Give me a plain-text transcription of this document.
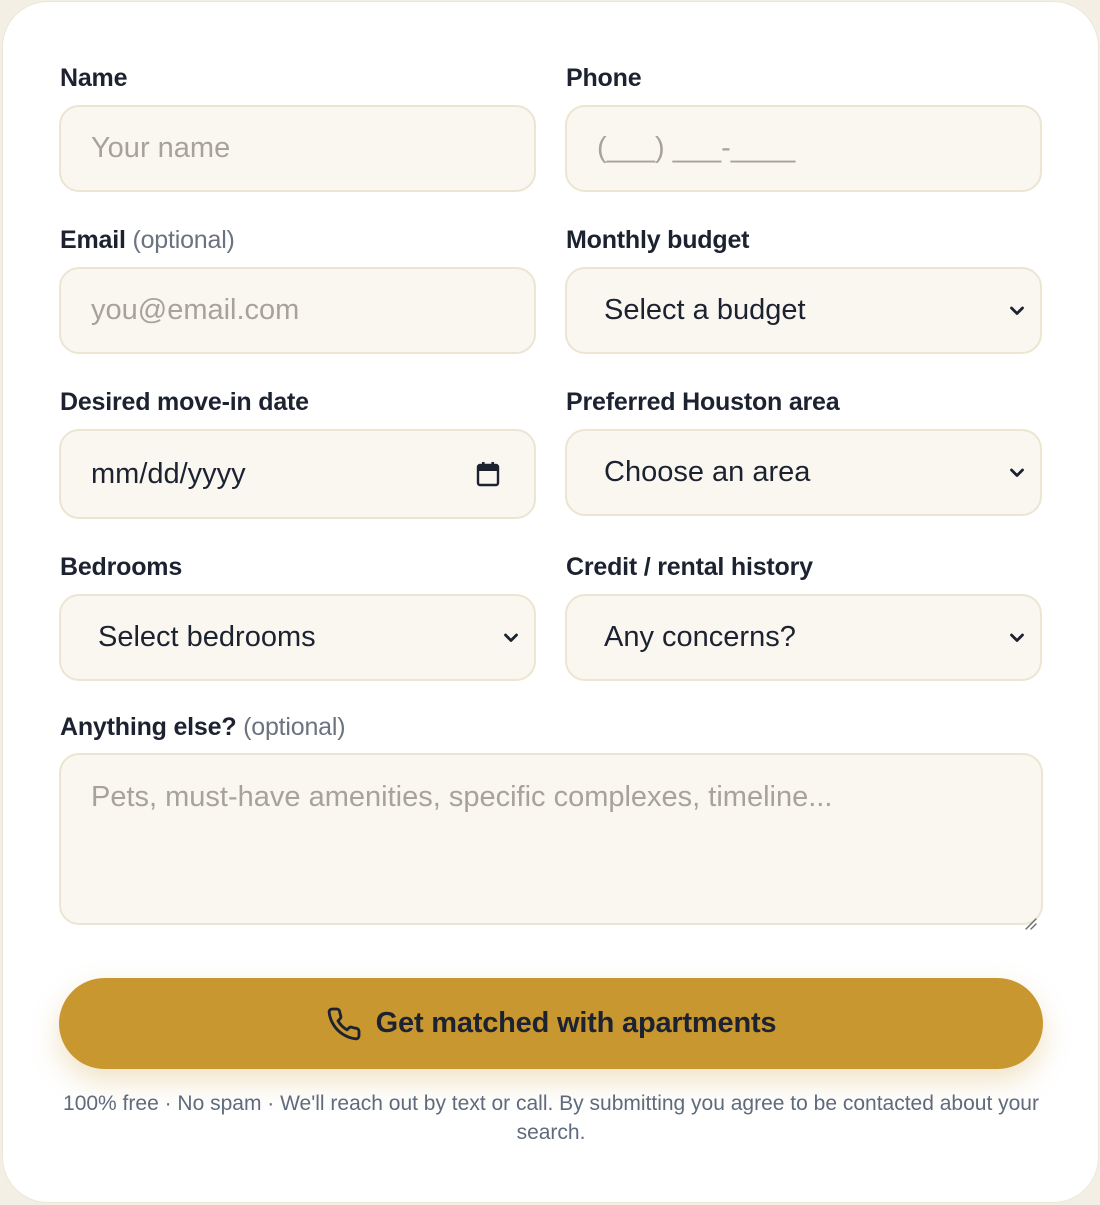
Name
Your name
Phone
(___) ___-____
Email (optional)
you@email.com
Monthly budget
Select a budget
Desired move-in date
mm/dd/yyyy
Preferred Houston area
Choose an area
Bedrooms
Select bedrooms
Credit / rental history
Any concerns?
Anything else? (optional)
Pets, must-have amenities, specific complexes, timeline...
Get matched with apartments
100% free · No spam · We'll reach out by text or call. By submitting you agree to be contacted about your search.
